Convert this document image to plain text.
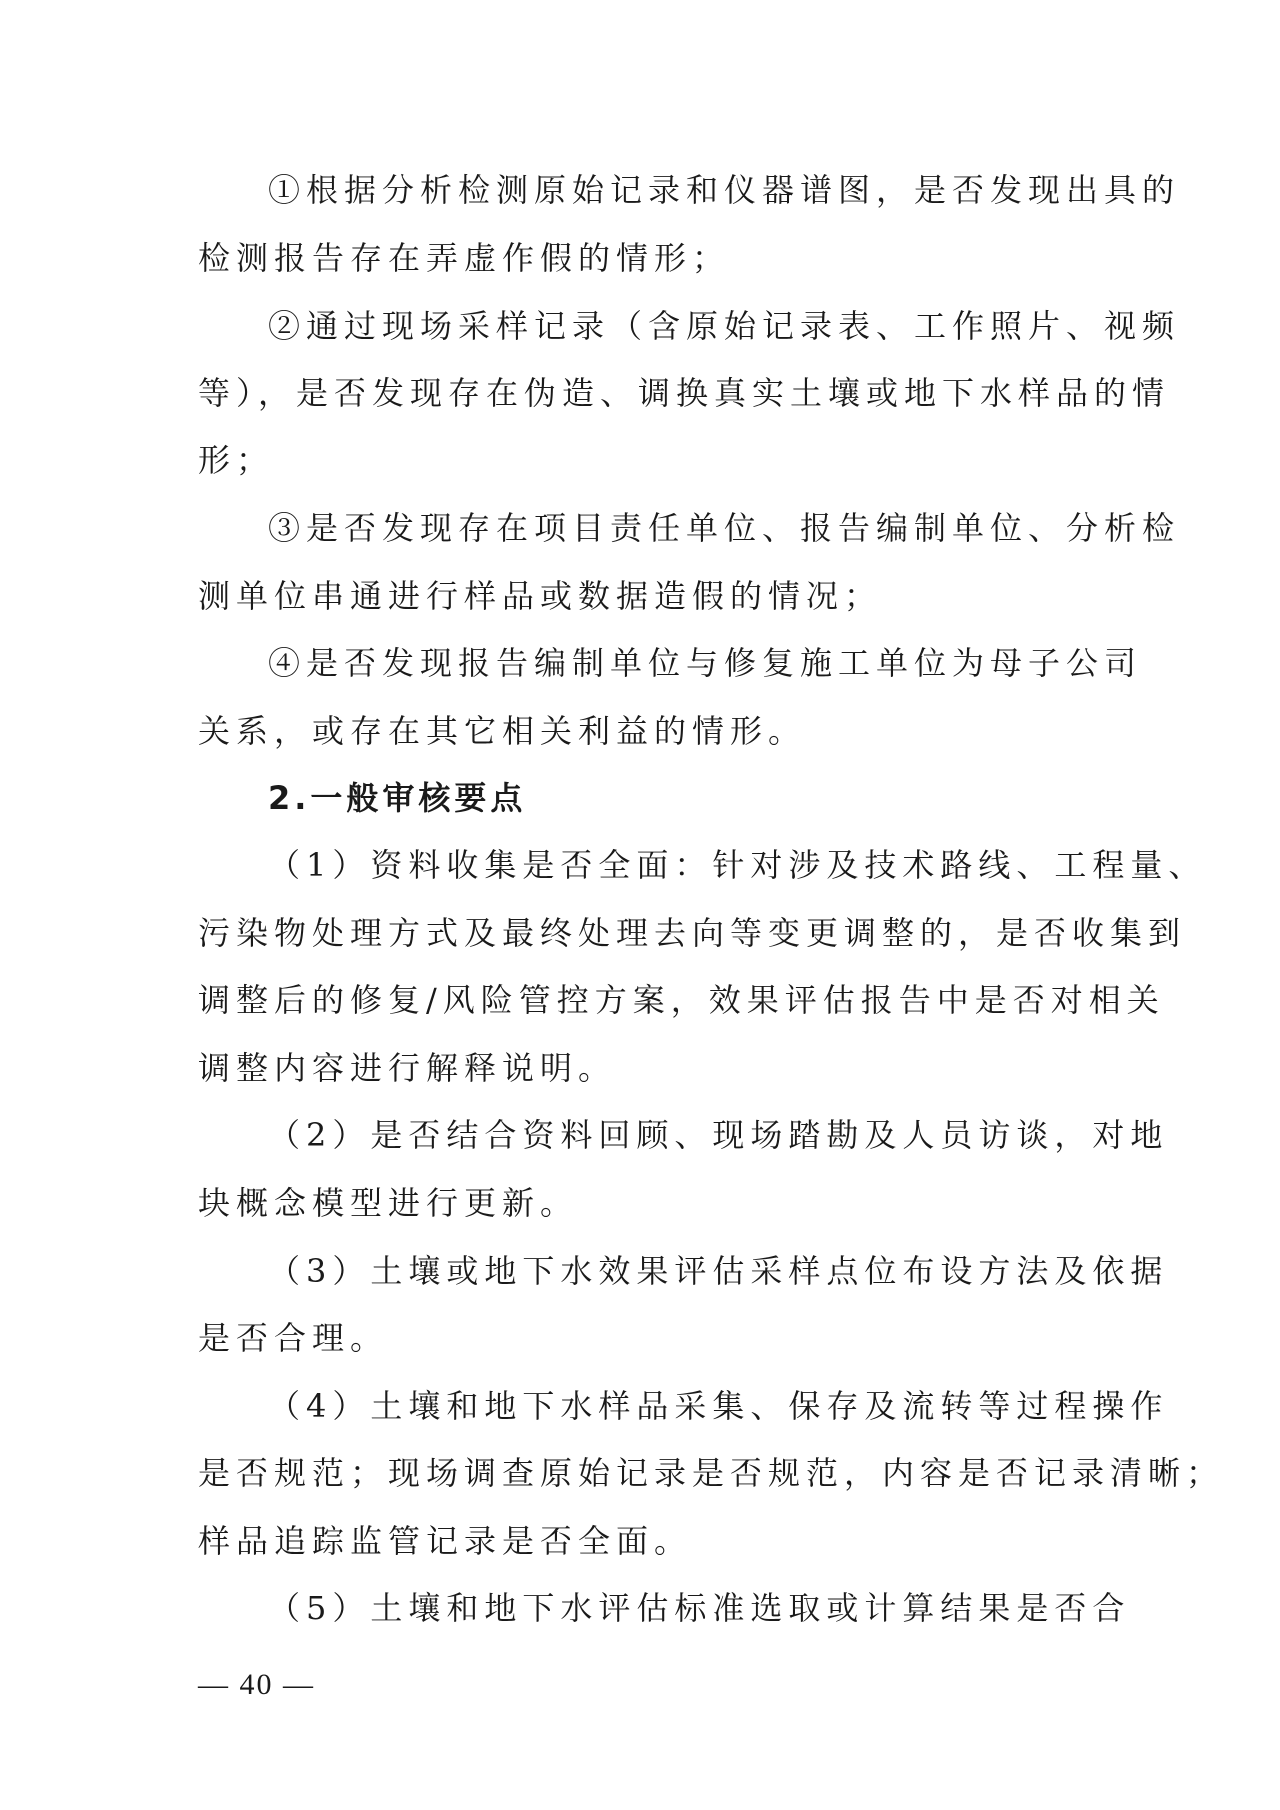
①根据分析检测原始记录和仪器谱图，是否发现出具的
检测报告存在弄虚作假的情形；
②通过现场采样记录（含原始记录表、工作照片、视频
等），是否发现存在伪造、调换真实土壤或地下水样品的情
形；
③是否发现存在项目责任单位、报告编制单位、分析检
测单位串通进行样品或数据造假的情况；
④是否发现报告编制单位与修复施工单位为母子公司
关系，或存在其它相关利益的情形。
2.一般审核要点
（1）资料收集是否全面：针对涉及技术路线、工程量、
污染物处理方式及最终处理去向等变更调整的，是否收集到
调整后的修复/风险管控方案，效果评估报告中是否对相关
调整内容进行解释说明。
（2）是否结合资料回顾、现场踏勘及人员访谈，对地
块概念模型进行更新。
（3）土壤或地下水效果评估采样点位布设方法及依据
是否合理。
（4）土壤和地下水样品采集、保存及流转等过程操作
是否规范；现场调查原始记录是否规范，内容是否记录清晰；
样品追踪监管记录是否全面。
（5）土壤和地下水评估标准选取或计算结果是否合
— 40 —
